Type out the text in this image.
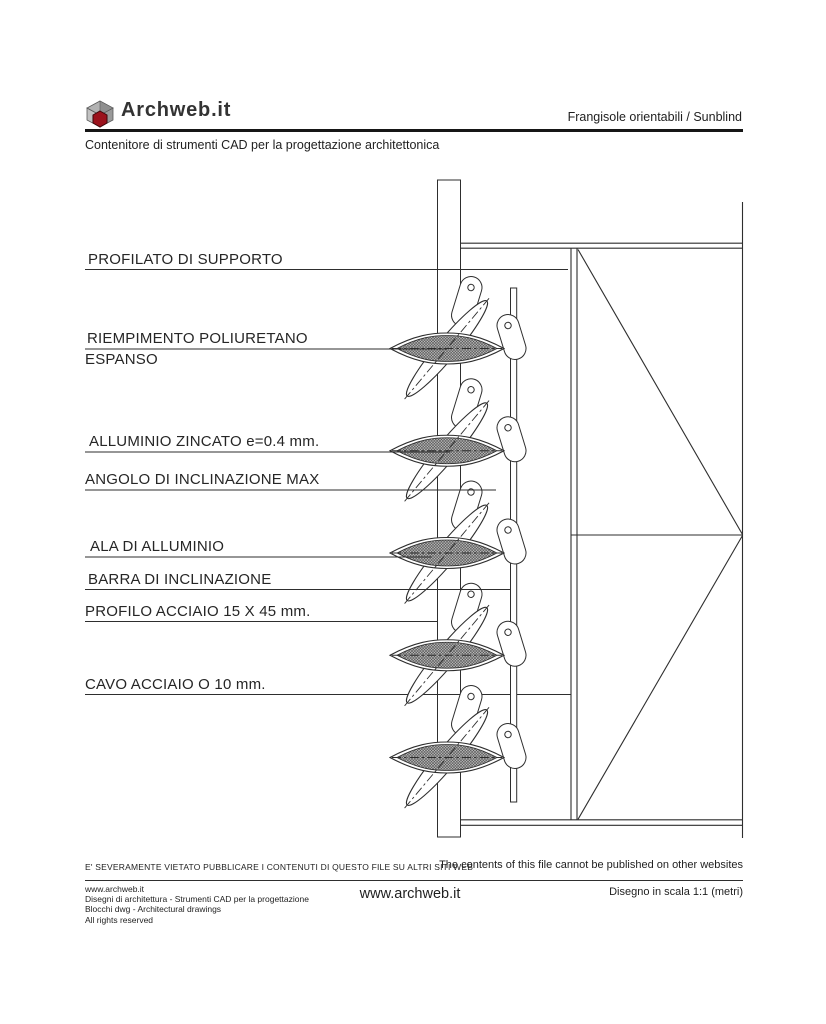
Archweb.it	Frangisole orientabili / Sunblind
Contenitore di strumenti CAD per la progettazione architettonica
PROFILATO DI SUPPORTO
RIEMPIMENTO POLIURETANO
ESPANSO
ALLUMINIO ZINCATO e=0.4 mm.
ANGOLO DI INCLINAZIONE MAX
ALA DI ALLUMINIO
BARRA DI INCLINAZIONE
PROFILO ACCIAIO 15 X 45 mm.
CAVO ACCIAIO O 10 mm.
E' SEVERAMENTE VIETATO PUBBLICARE I CONTENUTI DI QUESTO FILE SU ALTRI SITI WEB
The contents of this file cannot be published on other websites
www.archweb.it
Disegni di architettura - Strumenti CAD per la progettazione
Blocchi dwg - Architectural drawings
All rights reserved
www.archweb.it	Disegno in scala 1:1 (metri)
